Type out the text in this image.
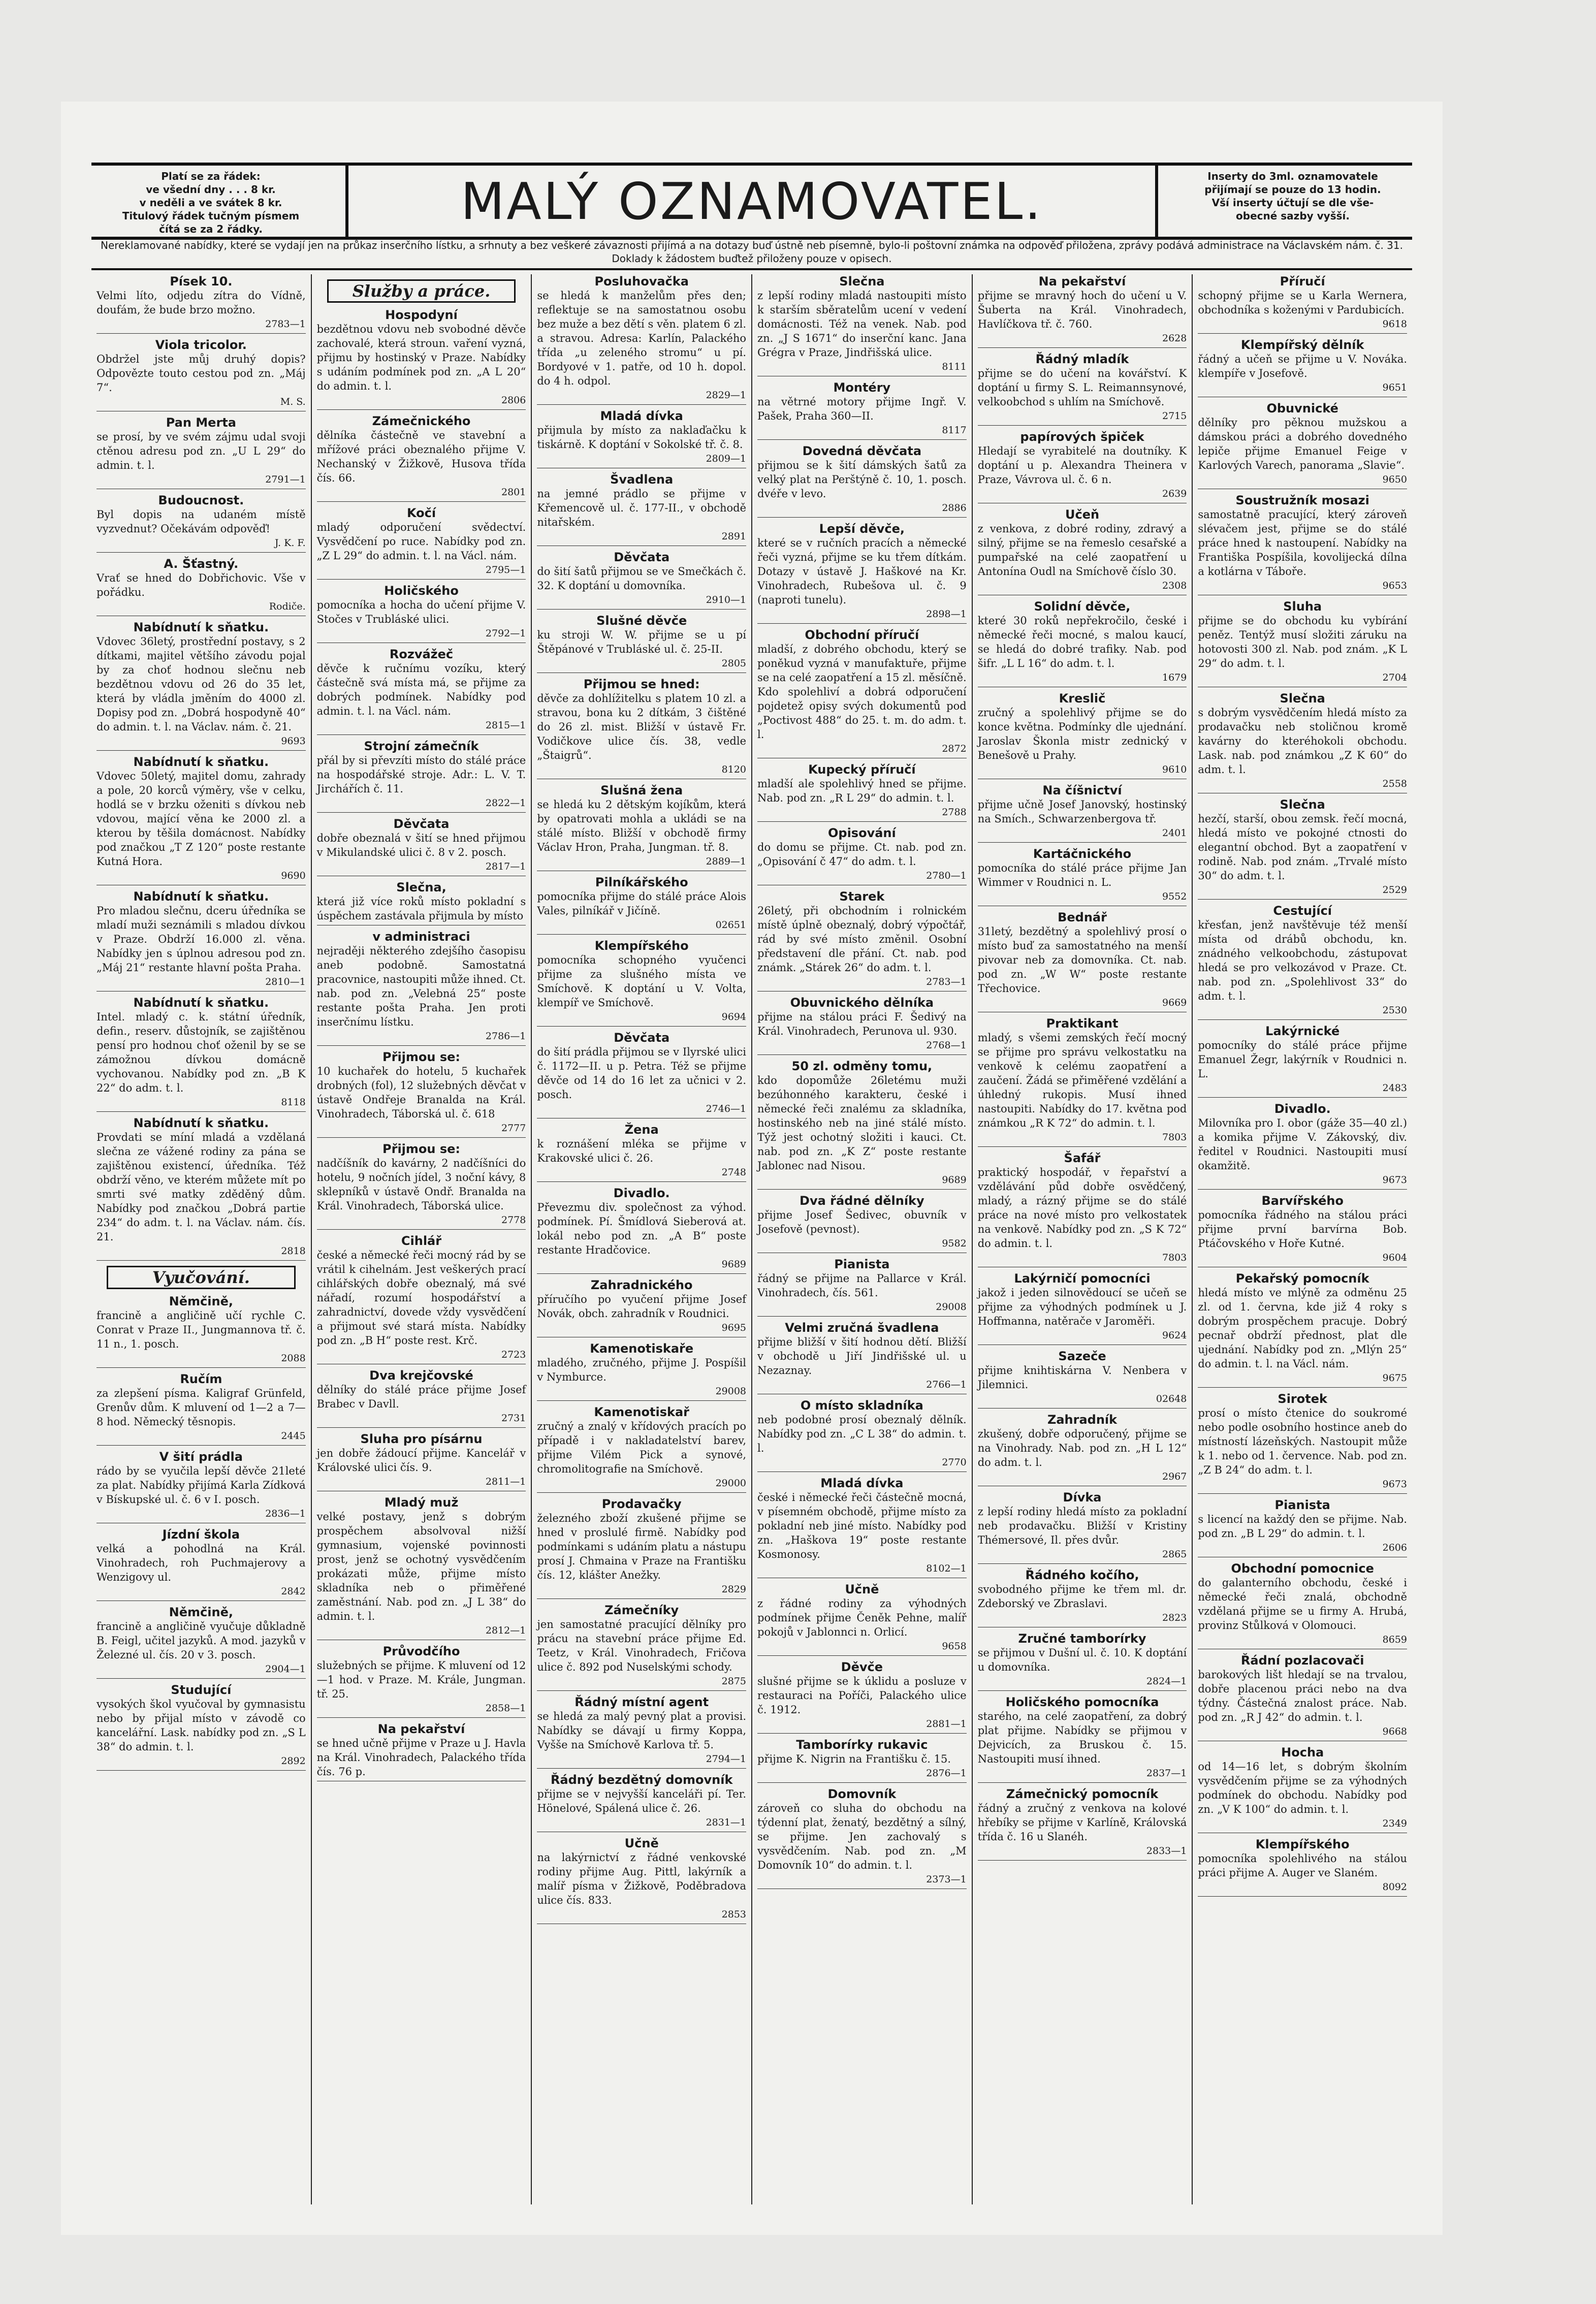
Platí se za řádek:
ve všední dny . . . 8 kr.
v neděli a ve svátek 8 kr.
Titulový řádek tučným písmem
čítá se za 2 řádky.	MALÝ OZNAMOVATEL.	Inserty do 3ml. oznamovatele
přijímají se pouze do 13 hodin.
Vší inserty účtují se dle vše-
obecné sazby vyšší.
Nereklamované nabídky, které se vydají jen na průkaz inserčního lístku, a srhnuty a bez veškeré závaznosti přijímá a na dotazy buď ústně neb písemně, bylo-li poštovní známka na odpověď přiložena, zprávy podává administrace na Václavském nám. č. 31. Doklady k žádostem buďtež přiloženy pouze v opisech.
Písek 10.
Velmi líto, odjedu zítra do Vídně, doufám, že bude brzo možno.
2783—1
Viola tricolor.
Obdržel jste můj druhý dopis? Odpovězte touto cestou pod zn. „Máj 7“.
M. S.
Pan Merta
se prosí, by ve svém zájmu udal svoji ctěnou adresu pod zn. „U L 29“ do admin. t. l.
2791—1
Budoucnost.
Byl dopis na udaném místě vyzvednut? Očekávám odpověď!
J. K. F.
A. Šťastný.
Vrať se hned do Dobřichovic. Vše v pořádku.
Rodiče.
Nabídnutí k sňatku.
Vdovec 36letý, prostřední postavy, s 2 dítkami, majitel většího závodu pojal by za choť hodnou slečnu neb bezdětnou vdovu od 26 do 35 let, která by vládla jměním do 4000 zl. Dopisy pod zn. „Dobrá hospodyně 40“ do admin. t. l. na Václav. nám. č. 21.
9693
Nabídnutí k sňatku.
Vdovec 50letý, majitel domu, zahrady a pole, 20 korců výměry, vše v celku, hodlá se v brzku oženiti s dívkou neb vdovou, mající věna ke 2000 zl. a kterou by těšila domácnost. Nabídky pod značkou „T Z 120“ poste restante Kutná Hora.
9690
Nabídnutí k sňatku.
Pro mladou slečnu, dceru úředníka se mladí muži seznámili s mladou dívkou v Praze. Obdrží 16.000 zl. věna. Nabídky jen s úplnou adresou pod zn. „Máj 21“ restante hlavní pošta Praha.
2810—1
Nabídnutí k sňatku.
Intel. mladý c. k. státní úředník, defin., reserv. důstojník, se zajištěnou pensí pro hodnou choť oženil by se se zámožnou dívkou domácně vychovanou. Nabídky pod zn. „B K 22“ do adm. t. l.
8118
Nabídnutí k sňatku.
Provdati se míní mladá a vzdělaná slečna ze vážené rodiny za pána se zajištěnou existencí, úředníka. Též obdrží věno, ve kterém můžete mít po smrti své matky zděděný dům. Nabídky pod značkou „Dobrá partie 234“ do adm. t. l. na Václav. nám. čís. 21.
2818
Vyučování.
Němčině,
francině a angličině učí rychle C. Conrat v Praze II., Jungmannova tř. č. 11 n., 1. posch.
2088
Ručím
za zlepšení písma. Kaligraf Grünfeld, Grenův dům. K mluvení od 1—2 a 7—8 hod. Německý těsnopis.
2445
V šití prádla
rádo by se vyučila lepší děvče 21leté za plat. Nabídky přijímá Karla Zídková v Bískupské ul. č. 6 v I. posch.
2836—1
Jízdní škola
velká a pohodlná na Král. Vinohradech, roh Puchmajerovy a Wenzigovy ul.
2842
Němčině,
francině a angličině vyučuje důkladně B. Feigl, učitel jazyků. A mod. jazyků v Železné ul. čís. 20 v 3. posch.
2904—1
Studující
vysokých škol vyučoval by gymnasistu nebo by přijal místo v závodě co kancelářní. Lask. nabídky pod zn. „S L 38“ do admin. t. l.
2892
Služby a práce.
Hospodyní
bezdětnou vdovu neb svobodné děvče zachovalé, která stroun. vaření vyzná, přijmu by hostinský v Praze. Nabídky s udáním podmínek pod zn. „A L 20“ do admin. t. l.
2806
Zámečnického
dělníka částečně ve stavební a mřížové práci obeznalého přijme V. Nechanský v Žižkově, Husova třída čís. 66.
2801
Kočí
mladý odporučení svědectví. Vysvědčení po ruce. Nabídky pod zn. „Z L 29“ do admin. t. l. na Václ. nám.
2795—1
Holičského
pomocníka a hocha do učení přijme V. Stočes v Trubláské ulici.
2792—1
Rozvážeč
děvče k ručnímu vozíku, který částečně svá místa má, se přijme za dobrých podmínek. Nabídky pod admin. t. l. na Václ. nám.
2815—1
Strojní zámečník
přál by si převzíti místo do stálé práce na hospodářské stroje. Adr.: L. V. T. Jirchářích č. 11.
2822—1
Děvčata
dobře obeznalá v šití se hned přijmou v Mikulandské ulici č. 8 v 2. posch.
2817—1
Slečna,
která již více roků místo pokladní s úspěchem zastávala přijmula by místo
v administraci
nejraději některého zdejšího časopisu aneb podobně. Samostatná pracovnice, nastoupiti může ihned. Ct. nab. pod zn. „Velebná 25“ poste restante pošta Praha. Jen proti inserčnímu lístku.
2786—1
Přijmou se:
10 kuchařek do hotelu, 5 kuchařek drobných (fol), 12 služebných děvčat v ústavě Ondřeje Branalda na Král. Vinohradech, Táborská ul. č. 618
2777
Přijmou se:
nadčíšník do kavárny, 2 nadčíšníci do hotelu, 9 nočních jídel, 3 noční kávy, 8 sklepníků v ústavě Ondř. Branalda na Král. Vinohradech, Táborská ulice.
2778
Cihlář
české a německé řeči mocný rád by se vrátil k cihelnám. Jest veškerých prací cihlářských dobře obeznalý, má své nářadí, rozumí hospodářství a zahradnictví, dovede vždy vysvědčení a přijmout své stará místa. Nabídky pod zn. „B H“ poste rest. Krč.
2723
Dva krejčovské
dělníky do stálé práce přijme Josef Brabec v Davll.
2731
Sluha pro písárnu
jen dobře žádoucí přijme. Kancelář v Královské ulici čís. 9.
2811—1
Mladý muž
velké postavy, jenž s dobrým prospěchem absolvoval nižší gymnasium, vojenské povinnosti prost, jenž se ochotný vysvědčením prokázati může, přijme místo skladníka neb o přiměřené zaměstnání. Nab. pod zn. „J L 38“ do admin. t. l.
2812—1
Průvodčího
služebných se přijme. K mluvení od 12—1 hod. v Praze. M. Krále, Jungman. tř. 25.
2858—1
Na pekařství
se hned učně přijme v Praze u J. Havla na Král. Vinohradech, Palackého třída čís. 76 p.
Posluhovačka
se hledá k manželům přes den; reflektuje se na samostatnou osobu bez muže a bez dětí s věn. platem 6 zl. a stravou. Adresa: Karlín, Palackého třída „u zeleného stromu“ u pí. Bordyové v 1. patře, od 10 h. dopol. do 4 h. odpol.
2829—1
Mladá dívka
přijmula by místo za naklaďačku k tiskárně. K doptání v Sokolské tř. č. 8.
2809—1
Švadlena
na jemné prádlo se přijme v Křemencově ul. č. 177-II., v obchodě nitařském.
2891
Děvčata
do šití šatů přijmou se ve Smečkách č. 32. K doptání u domovníka.
2910—1
Slušné děvče
ku stroji W. W. přijme se u pí Štěpánové v Trubláské ul. č. 25-II.
2805
Přijmou se hned:
děvče za dohlížitelku s platem 10 zl. a stravou, bona ku 2 dítkám, 3 čištěné do 26 zl. mist. Bližší v ústavě Fr. Vodičkove ulice čís. 38, vedle „Štaigrů“.
8120
Slušná žena
se hledá ku 2 dětským kojíkům, která by opatrovati mohla a ukládi se na stálé místo. Bližší v obchodě firmy Václav Hron, Praha, Jungman. tř. 8.
2889—1
Pilníkářského
pomocníka přijme do stálé práce Alois Vales, pilníkář v Jičíně.
02651
Klempířského
pomocníka schopného vyučenci přijme za slušného místa ve Smíchově. K doptání u V. Volta, klempíř ve Smíchově.
9694
Děvčata
do šití prádla přijmou se v Ilyrské ulici č. 1172—II. u p. Petra. Též se přijme děvče od 14 do 16 let za učnici v 2. posch.
2746—1
Žena
k roznášení mléka se přijme v Krakovské ulici č. 26.
2748
Divadlo.
Převezmu div. společnost za výhod. podmínek. Pí. Šmídlová Sieberová at. lokál nebo pod zn. „A B“ poste restante Hradčovice.
9689
Zahradnického
příručího po vyučení přijme Josef Novák, obch. zahradník v Roudnici.
9695
Kamenotiskaře
mladého, zručného, přijme J. Pospíšil v Nymburce.
29008
Kamenotiskař
zručný a znalý v křídových pracích po případě i v nakladatelství barev, přijme Vilém Pick a synové, chromolitografie na Smíchově.
29000
Prodavačky
železného zboží zkušené přijme se hned v proslulé firmě. Nabídky pod podmínkami s udáním platu a nástupu prosí J. Chmaina v Praze na Františku čís. 12, klášter Anežky.
2829
Zámečníky
jen samostatné pracující dělníky pro prácu na stavební práce přijme Ed. Teetz, v Král. Vinohradech, Fričova ulice č. 892 pod Nuselskými schody.
2875
Řádný místní agent
se hledá za malý pevný plat a provisi. Nabídky se dávají u firmy Koppa, Vyšše na Smíchově Karlova tř. 5.
2794—1
Řádný bezdětný domovník
přijme se v nejvyšší kanceláři pí. Ter. Hönelové, Spálená ulice č. 26.
2831—1
Učně
na lakýrnictví z řádné venkovské rodiny přijme Aug. Pittl, lakýrník a malíř písma v Žižkově, Poděbradova ulice čís. 833.
2853
Slečna
z lepší rodiny mladá nastoupiti místo k starším sběratelům ucení v vedení domácnosti. Též na venek. Nab. pod zn. „J S 1671“ do inserční kanc. Jana Grégra v Praze, Jindřišská ulice.
8111
Montéry
na větrné motory přijme Ingř. V. Pašek, Praha 360—II.
8117
Dovedná děvčata
přijmou se k šití dámských šatů za velký plat na Perštýně č. 10, 1. posch. dvéře v levo.
2886
Lepší děvče,
které se v ručních pracích a německé řeči vyzná, přijme se ku třem dítkám. Dotazy v ústavě J. Haškové na Kr. Vinohradech, Rubešova ul. č. 9 (naproti tunelu).
2898—1
Obchodní příručí
mladší, z dobrého obchodu, který se poněkud vyzná v manufaktuře, přijme se na celé zaopatření a 15 zl. měsíčně. Kdo spolehliví a dobrá odporučení pojdetež opisy svých dokumentů pod „Poctivost 488“ do 25. t. m. do adm. t. l.
2872
Kupecký příručí
mladší ale spolehlivý hned se přijme. Nab. pod zn. „R L 29“ do admin. t. l.
2788
Opisování
do domu se přijme. Ct. nab. pod zn. „Opisování č 47“ do adm. t. l.
2780—1
Starek
26letý, při obchodním i rolnickém místě úplně obeznalý, dobrý výpočtář, rád by své místo změnil. Osobní představení dle přání. Ct. nab. pod známk. „Stárek 26“ do adm. t. l.
2783—1
Obuvnického dělníka
přijme na stálou práci F. Šedivý na Král. Vinohradech, Perunova ul. 930.
2768—1
50 zl. odměny tomu,
kdo dopomůže 26letému muži bezúhonného karakteru, české i německé řeči znalému za skladníka, hostinského neb na jiné stálé místo. Týž jest ochotný složiti i kauci. Ct. nab. pod zn. „K Z“ poste restante Jablonec nad Nisou.
9689
Dva řádné dělníky
přijme Josef Šedivec, obuvník v Josefově (pevnost).
9582
Pianista
řádný se přijme na Pallarce v Král. Vinohradech, čís. 561.
29008
Velmi zručná švadlena
přijme bližší v šití hodnou dětí. Bližší v obchodě u Jiří Jindřišské ul. u Nezaznay.
2766—1
O místo skladníka
neb podobné prosí obeznalý dělník. Nabídky pod zn. „C L 38“ do admin. t. l.
2770
Mladá dívka
české i německé řeči částečně mocná, v písemném obchodě, přijme místo za pokladní neb jiné místo. Nabídky pod zn. „Haškova 19“ poste restante Kosmonosy.
8102—1
Učně
z řádné rodiny za výhodných podmínek přijme Čeněk Pehne, malíř pokojů v Jablonnci n. Orlicí.
9658
Děvče
slušné přijme se k úklidu a posluze v restauraci na Poříči, Palackého ulice č. 1912.
2881—1
Tamborírky rukavic
přijme K. Nigrin na Františku č. 15.
2876—1
Domovník
zároveň co sluha do obchodu na týdenní plat, ženatý, bezdětný a sílný, se přijme. Jen zachovalý s vysvědčením. Nab. pod zn. „M Domovník 10“ do admin. t. l.
2373—1
Na pekařství
přijme se mravný hoch do učení u V. Šuberta na Král. Vinohradech, Havlíčkova tř. č. 760.
2628
Řádný mladík
přijme se do učení na kovářství. K doptání u firmy S. L. Reimannsynové, velkoobchod s uhlím na Smíchově.
2715
papírových špiček
Hledají se vyrabitelé na doutníky. K doptání u p. Alexandra Theinera v Praze, Vávrova ul. č. 6 n.
2639
Učeň
z venkova, z dobré rodiny, zdravý a silný, přijme se na řemeslo cesařské a pumpařské na celé zaopatření u Antonína Oudl na Smíchově číslo 30.
2308
Solidní děvče,
které 30 roků nepřekročilo, české i německé řeči mocné, s malou kaucí, se hledá do dobré trafiky. Nab. pod šifr. „L L 16“ do adm. t. l.
1679
Kreslič
zručný a spolehlivý přijme se do konce května. Podmínky dle ujednání. Jaroslav Škonla mistr zednický v Benešově u Prahy.
9610
Na číšnictví
přijme učně Josef Janovský, hostinský na Smích., Schwarzenbergova tř.
2401
Kartáčnického
pomocníka do stálé práce přijme Jan Wimmer v Roudnici n. L.
9552
Bednář
31letý, bezdětný a spolehlivý prosí o místo buď za samostatného na menší pivovar neb za domovníka. Ct. nab. pod zn. „W W“ poste restante Třechovice.
9669
Praktikant
mladý, s všemi zemských řečí mocný se přijme pro správu velkostatku na venkově k celému zaopatření a zaučení. Žádá se přiměřené vzdělání a úhledný rukopis. Musí ihned nastoupiti. Nabídky do 17. května pod známkou „R K 72“ do admin. t. l.
7803
Šafář
praktický hospodář, v řepařství a vzdělávání půd dobře osvědčený, mladý, a rázný přijme se do stálé práce na nové místo pro velkostatek na venkově. Nabídky pod zn. „S K 72“ do admin. t. l.
7803
Lakýrničí pomocníci
jakož i jeden silnovědoucí se učeň se přijme za výhodných podmínek u J. Hoffmanna, natěrače v Jaroměři.
9624
Sazeče
přijme knihtiskárna V. Nenbera v Jilemnici.
02648
Zahradník
zkušený, dobře odporučený, přijme se na Vinohrady. Nab. pod zn. „H L 12“ do adm. t. l.
2967
Dívka
z lepší rodiny hledá místo za pokladní neb prodavačku. Bližší v Kristiny Thémersové, Il. přes dvůr.
2865
Řádného kočího,
svobodného přijme ke třem ml. dr. Zdeborský ve Zbraslavi.
2823
Zručné tamborírky
se přijmou v Dušní ul. č. 10. K doptání u domovníka.
2824—1
Holičského pomocníka
starého, na celé zaopatření, za dobrý plat přijme. Nabídky se přijmou v Dejvicích, za Bruskou č. 15. Nastoupiti musí ihned.
2837—1
Zámečnický pomocník
řádný a zručný z venkova na kolové hřebíky se přijme v Karlíně, Královská třída č. 16 u Slanéh.
2833—1
Příručí
schopný přijme se u Karla Wernera, obchodníka s koženými v Pardubicích.
9618
Klempířský dělník
řádný a učeň se přijme u V. Nováka. klempíře v Josefově.
9651
Obuvnické
dělníky pro pěknou mužskou a dámskou práci a dobrého dovedného lepiče přijme Emanuel Feige v Karlových Varech, panorama „Slavie“.
9650
Soustružník mosazi
samostatně pracující, který zároveň slévačem jest, přijme se do stálé práce hned k nastoupení. Nabídky na Františka Pospíšila, kovolijecká dílna a kotlárna v Táboře.
9653
Sluha
přijme se do obchodu ku vybírání peněz. Tentýž musí složiti záruku na hotovosti 300 zl. Nab. pod znám. „K L 29“ do adm. t. l.
2704
Slečna
s dobrým vysvědčením hledá místo za prodavačku neb stoličnou kromě kavárny do kteréhokoli obchodu. Lask. nab. pod známkou „Z K 60“ do adm. t. l.
2558
Slečna
hezčí, starší, obou zemsk. řečí mocná, hledá místo ve pokojné ctnosti do elegantní obchod. Byt a zaopatření v rodině. Nab. pod znám. „Trvalé místo 30“ do adm. t. l.
2529
Cestující
křesťan, jenž navštěvuje též menší místa od drábů obchodu, kn. znádného velkoobchodu, zástupovat hledá se pro velkozávod v Praze. Ct. nab. pod zn. „Spolehlivost 33“ do adm. t. l.
2530
Lakýrnické
pomocníky do stálé práce přijme Emanuel Žegr, lakýrník v Roudnici n. L.
2483
Divadlo.
Milovníka pro I. obor (gáže 35—40 zl.) a komika přijme V. Zákovský, div. ředitel v Roudnici. Nastoupiti musí okamžitě.
9673
Barvířského
pomocníka řádného na stálou práci přijme první barvírna Bob. Ptáčovského v Hoře Kutné.
9604
Pekařský pomocník
hledá místo ve mlýně za odměnu 25 zl. od 1. června, kde již 4 roky s dobrým prospěchem pracuje. Dobrý pecnař obdrží přednost, plat dle ujednání. Nabídky pod zn. „Mlýn 25“ do admin. t. l. na Václ. nám.
9675
Sirotek
prosí o místo čtenice do soukromé nebo podle osobního hostince aneb do místností lázeňských. Nastoupit může k 1. nebo od 1. července. Nab. pod zn. „Z B 24“ do adm. t. l.
9673
Pianista
s licencí na každý den se přijme. Nab. pod zn. „B L 29“ do admin. t. l.
2606
Obchodní pomocnice
do galanterního obchodu, české i německé řeči znalá, obchodně vzdělaná přijme se u firmy A. Hrubá, provinz Stůlková v Olomouci.
8659
Řádní pozlacovači
barokových lišt hledají se na trvalou, dobře placenou práci nebo na dva týdny. Částečná znalost práce. Nab. pod zn. „R J 42“ do admin. t. l.
9668
Hocha
od 14—16 let, s dobrým školním vysvědčením přijme se za výhodných podmínek do obchodu. Nabídky pod zn. „V K 100“ do admin. t. l.
2349
Klempířského
pomocníka spolehlivého na stálou práci přijme A. Auger ve Slaném.
8092
